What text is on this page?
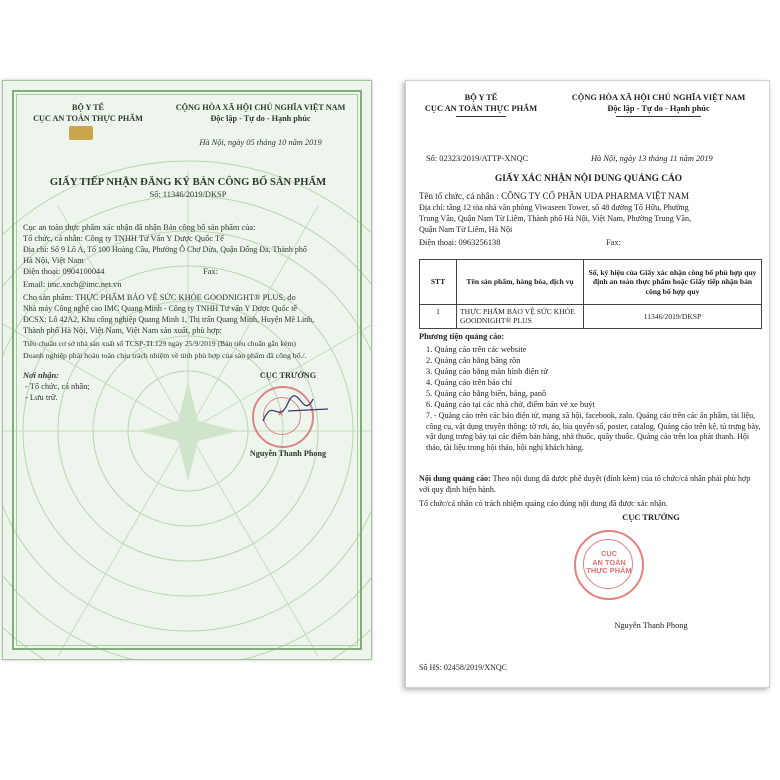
BỘ Y TẾ
CỤC AN TOÀN THỰC PHẨM
CỘNG HÒA XÃ HỘI CHỦ NGHĨA VIỆT NAM
Độc lập - Tự do - Hạnh phúc
Hà Nội, ngày 05 tháng 10 năm 2019
GIẤY TIẾP NHẬN ĐĂNG KÝ BẢN CÔNG BỐ SẢN PHẨM
Số: 11346/2019/DKSP
Cục an toàn thực phẩm xác nhận đã nhận Bản công bố sản phẩm của:
Tổ chức, cá nhân: Công ty TNHH Tư Vấn Y Dược Quốc Tế
Địa chỉ: Số 9 Lô A, Tổ 100 Hoàng Cầu, Phường Ô Chợ Dừa, Quận Đống Đa, Thành phố
Hà Nội, Việt Nam
Điện thoại: 0904100044	Fax:
Email: imc.xncb@imc.net.vn
Cho sản phẩm: THỰC PHẨM BẢO VỆ SỨC KHỎE GOODNIGHT® PLUS, do
Nhà máy Công nghệ cao IMC Quang Minh - Công ty TNHH Tư vấn Y Dược Quốc tế
ĐCSX: Lô 42A2, Khu công nghiệp Quang Minh 1, Thị trấn Quang Minh, Huyện Mê Linh,
Thành phố Hà Nội, Việt Nam, Việt Nam sản xuất, phù hợp:
Tiêu chuẩn cơ sở nhà sản xuất số TCSP-TI.129 ngày 25/9/2019 (Bản tiêu chuẩn gắn kèm)
Doanh nghiệp phải hoàn toàn chịu trách nhiệm về tính phù hợp của sản phẩm đã công bố./.
Nơi nhận:
- Tổ chức, cá nhân;
- Lưu trữ.
CỤC TRƯỞNG
★
Nguyễn Thanh Phong
BỘ Y TẾ
CỤC AN TOÀN THỰC PHẨM
CỘNG HÒA XÃ HỘI CHỦ NGHĨA VIỆT NAM
Độc lập - Tự do - Hạnh phúc
Số: 02323/2019/ATTP-XNQC	Hà Nội, ngày 13 tháng 11 năm 2019
GIẤY XÁC NHẬN NỘI DUNG QUẢNG CÁO
Tên tổ chức, cá nhân : CÔNG TY CỔ PHẦN UDA PHARMA VIỆT NAM
Địa chỉ: tầng 12 tòa nhà văn phòng Viwaseen Tower, số 48 đường Tố Hữu, Phường
Trung Văn, Quận Nam Từ Liêm, Thành phố Hà Nội, Việt Nam, Phường Trung Văn,
Quận Nam Từ Liêm, Hà Nội
Điện thoại: 0963256138	Fax:
STT	Tên sản phẩm, hàng hóa, dịch vụ	Số, ký hiệu của Giấy xác nhận công bố phù hợp quy định an toàn thực phẩm hoặc Giấy tiếp nhận bản công bố hợp quy
1	THỰC PHẨM BẢO VỆ SỨC KHỎE GOODNIGHT® PLUS	11346/2019/DKSP
Phương tiện quảng cáo:
1. Quảng cáo trên các website
2. Quảng cáo bằng băng rôn
3. Quảng cáo bằng màn hình điện tử
4. Quảng cáo trên báo chí
5. Quảng cáo bằng biển, bảng, panô
6. Quảng cáo tại các nhà chờ, điểm bán vé xe buýt
7. - Quảng cáo trên các báo điện tử, mạng xã hội, facebook, zalo. Quảng cáo trên các ấn phẩm, tài liệu, công cụ, vật dụng truyền thông: tờ rơi, áo, bìa quyển sổ, poster, catalog. Quảng cáo trên kệ, tủ trưng bày, vật dụng trưng bày tại các điểm bán hàng, nhà thuốc, quầy thuốc. Quảng cáo trên loa phát thanh. Hội thảo, tài liệu trong hội thảo, hội nghị khách hàng.
Nội dung quảng cáo: Theo nội dung đã được phê duyệt (đính kèm) của tổ chức/cá nhân phải phù hợp với quy định hiện hành.
Tổ chức/cá nhân có trách nhiệm quảng cáo đúng nội dung đã được xác nhận.
CỤC TRƯỞNG
CỤC
AN TOÀN
THỰC PHẨM
Nguyễn Thanh Phong
Số HS: 02458/2019/XNQC
